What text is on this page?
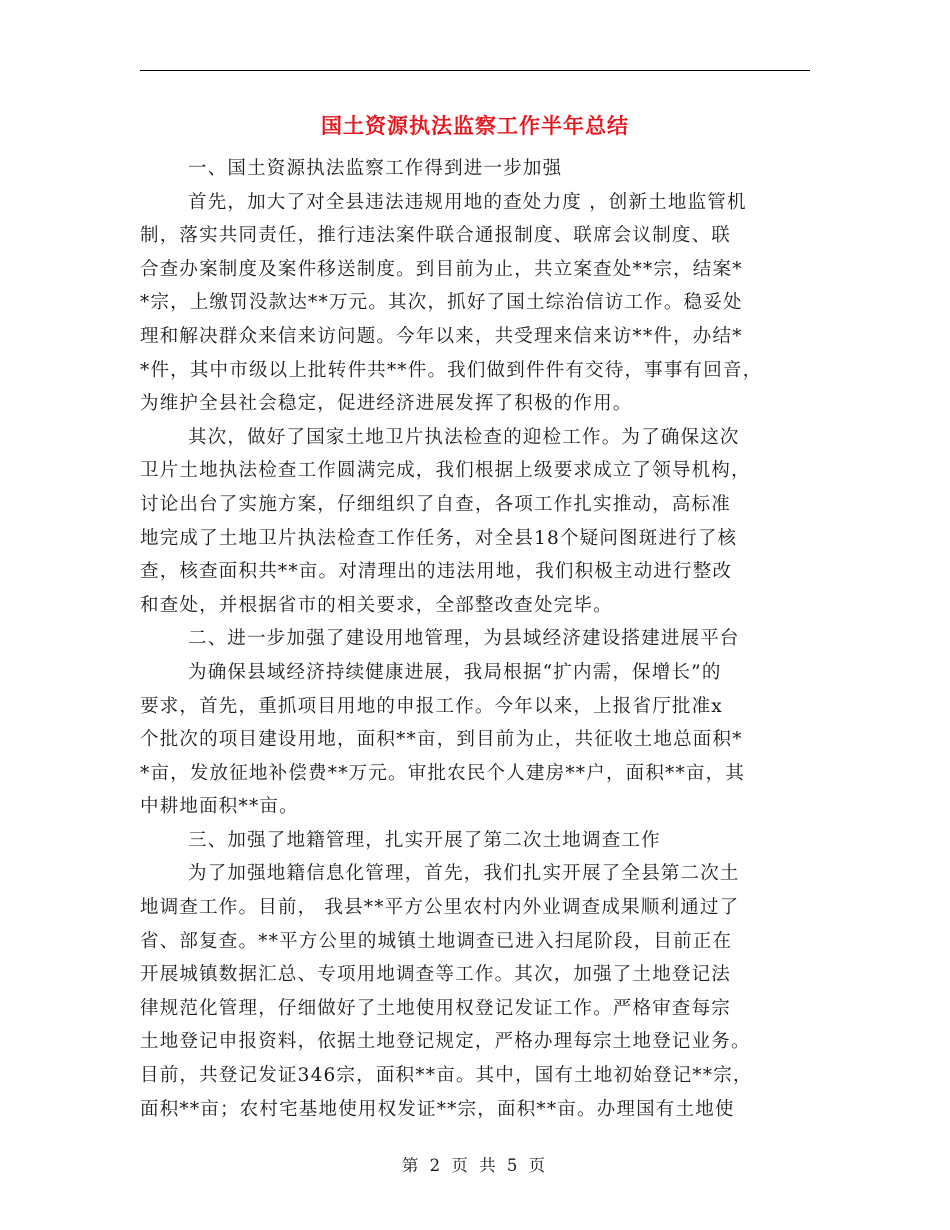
国土资源执法监察工作半年总结
一、国土资源执法监察工作得到进一步加强
首先，加大了对全县违法违规用地的查处力度 ，创新土地监管机
制，落实共同责任，推行违法案件联合通报制度、联席会议制度、联
合查办案制度及案件移送制度。到目前为止，共立案查处**宗，结案*
*宗，上缴罚没款达**万元。其次，抓好了国土综治信访工作。稳妥处
理和解决群众来信来访问题。今年以来，共受理来信来访**件，办结*
*件，其中市级以上批转件共**件。我们做到件件有交待，事事有回音，
为维护全县社会稳定，促进经济进展发挥了积极的作用。
其次，做好了国家土地卫片执法检查的迎检工作。为了确保这次
卫片土地执法检查工作圆满完成，我们根据上级要求成立了领导机构，
讨论出台了实施方案，仔细组织了自查，各项工作扎实推动，高标准
地完成了土地卫片执法检查工作任务，对全县18个疑问图斑进行了核
查，核查面积共**亩。对清理出的违法用地，我们积极主动进行整改
和查处，并根据省市的相关要求，全部整改查处完毕。
二、进一步加强了建设用地管理，为县域经济建设搭建进展平台
为确保县域经济持续健康进展，我局根据“扩内需，保增长”的
要求，首先，重抓项目用地的申报工作。今年以来，上报省厅批准x
个批次的项目建设用地，面积**亩，到目前为止，共征收土地总面积*
*亩，发放征地补偿费**万元。审批农民个人建房**户，面积**亩，其
中耕地面积**亩。
三、加强了地籍管理，扎实开展了第二次土地调查工作
为了加强地籍信息化管理，首先，我们扎实开展了全县第二次土
地调查工作。目前， 我县**平方公里农村内外业调查成果顺利通过了
省、部复查。**平方公里的城镇土地调查已进入扫尾阶段，目前正在
开展城镇数据汇总、专项用地调查等工作。其次，加强了土地登记法
律规范化管理，仔细做好了土地使用权登记发证工作。严格审查每宗
土地登记申报资料，依据土地登记规定，严格办理每宗土地登记业务。
目前，共登记发证346宗，面积**亩。其中，国有土地初始登记**宗，
面积**亩；农村宅基地使用权发证**宗，面积**亩。办理国有土地使
第 2 页 共 5 页
